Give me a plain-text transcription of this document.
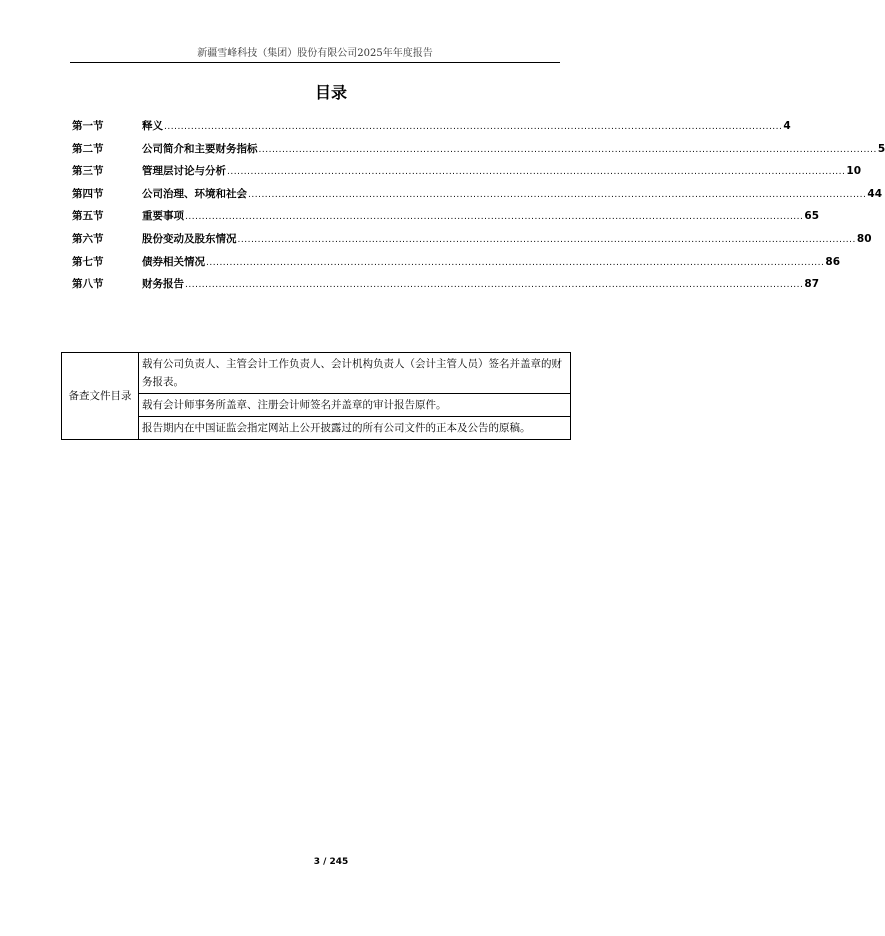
新疆雪峰科技（集团）股份有限公司2025年年度报告
目录
第一节	释义 ........................................................................................................................................................................................ 4
第二节	公司简介和主要财务指标 ........................................................................................................................................................................................ 5
第三节	管理层讨论与分析 ........................................................................................................................................................................................ 10
第四节	公司治理、环境和社会 ........................................................................................................................................................................................ 44
第五节	重要事项 ........................................................................................................................................................................................ 65
第六节	股份变动及股东情况 ........................................................................................................................................................................................ 80
第七节	债券相关情况 ........................................................................................................................................................................................ 86
第八节	财务报告 ........................................................................................................................................................................................ 87
备查文件目录	载有公司负责人、主管会计工作负责人、会计机构负责人（会计主管人员）签名并盖章的财务报表。
载有会计师事务所盖章、注册会计师签名并盖章的审计报告原件。
报告期内在中国证监会指定网站上公开披露过的所有公司文件的正本及公告的原稿。
3 / 245
